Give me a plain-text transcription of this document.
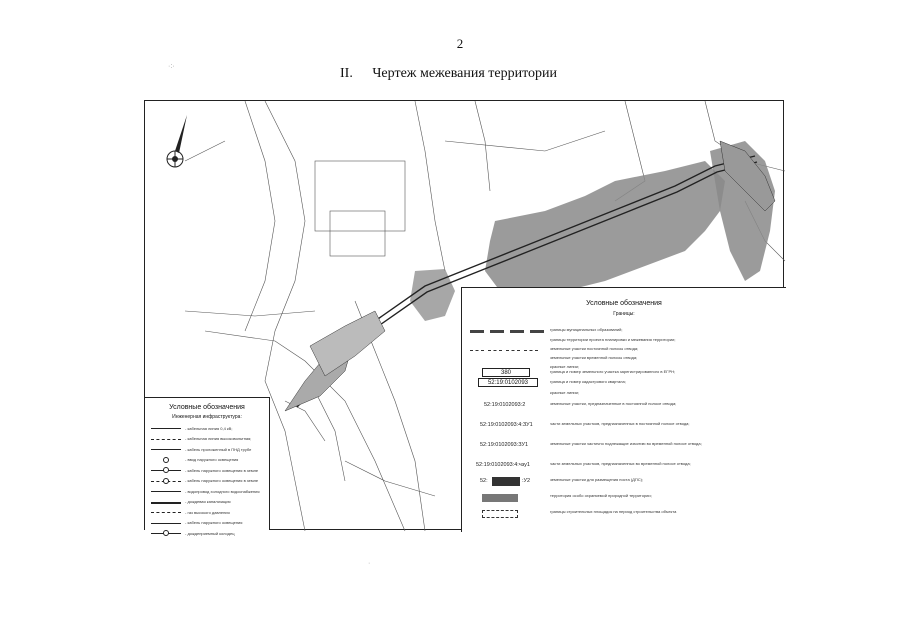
2
II. Чертеж межевания территории
·:·
·
Условные обозначения
Инженерная инфраструктура:
- кабельная линия 0,4 кВ;
- кабельная линия высоковольтная;
- кабель проложенный в ПНД трубе
- ввод наружного освещения
- кабель наружного освещения в земле
- кабель наружного освещения в земле
- водопровод холодного водоснабжения
- дождевая канализация
- газ высокого давления
- кабель наружного освещения
- дождеприемный колодец
Условные обозначения
Границы:
границы муниципальных образований;
границы территории проекта планировки и межевания территории;
земельные участки постоянной полосы отвода;
земельные участки временной полосы отвода;
красные линии;
380	граница и номер земельного участка зарегистрированного в ЕГРН;
52:19:0102093	граница и номер кадастрового квартала;
красные линии;
52:19:0102093:2	земельные участки, предназначенные в постоянной полосе отвода;
52:19:0102093:4:ЗУ1	части земельных участков, предназначенных в постоянной полосе отвода;
52:19:0102093:ЗУ1	земельные участки частично подлежащие изъятию во временной полосе отвода;
52:19:0102093:4:чзу1	части земельных участков, предназначенных во временной полосе отвода;
52:	:У2	земельные участки для размещения поста (ДПС);
территория особо охраняемой природной территории;
границы строительных площадок на период строительства объекта
